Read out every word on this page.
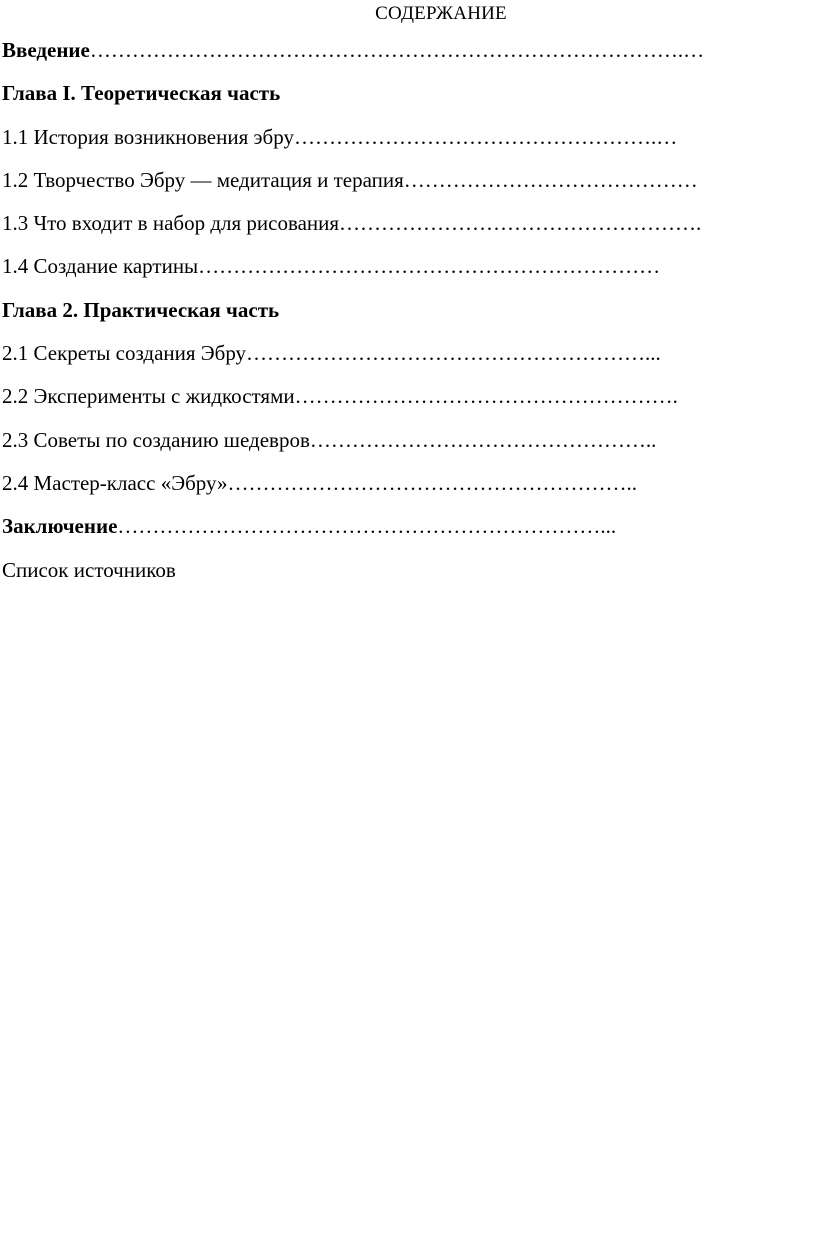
СОДЕРЖАНИЕ
Введение………………………………………………………………………….…
Глава I. Теоретическая часть
1.1 История возникновения эбру…………………………………………….…
1.2 Творчество Эбру — медитация и терапия……………………………………
1.3 Что входит в набор для рисования…………………………………………….
1.4 Создание картины…………………………………………………………
Глава 2. Практическая часть
2.1 Секреты создания Эбру…………………………………………………...
2.2 Эксперименты с жидкостями……………………………………………….
2.3 Советы по созданию шедевров…………………………………………..
2.4 Мастер-класс «Эбру»…………………………………………………..
Заключение……………………………………………………………...
Список источников
